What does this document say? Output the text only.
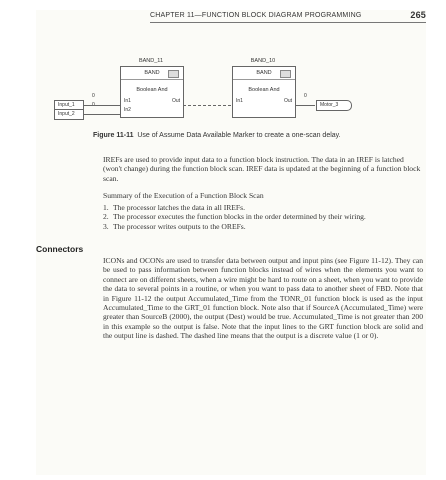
CHAPTER 11—FUNCTION BLOCK DIAGRAM PROGRAMMING	265
BAND_11
BAND
Boolean And
In1
In2
Out
Input_1
Input_2
0
0
BAND_10
BAND
Boolean And
In1	Out
0
Motor_3
Figure 11-11 Use of Assume Data Available Marker to create a one-scan delay.
IREFs are used to provide input data to a function block instruction. The data in an IREF is latched (won't change) during the function block scan. IREF data is updated at the beginning of a function block scan.
Summary of the Execution of a Function Block Scan
1. The processor latches the data in all IREFs.
2. The processor executes the function blocks in the order determined by their wiring.
3. The processor writes outputs to the OREFs.
Connectors
ICONs and OCONs are used to transfer data between output and input pins (see Figure 11-12). They can be used to pass information between function blocks instead of wires when the elements you want to connect are on different sheets, when a wire might be hard to route on a sheet, when you want to provide the data to several points in a routine, or when you want to pass data to another sheet of FBD. Note that in Figure 11-12 the output Accumulated_Time from the TONR_01 function block is used as the input Accumulated_Time to the GRT_01 function block. Note also that if SourceA (Accumulated_Time) were greater than SourceB (2000), the output (Dest) would be true. Accumulated_Time is not greater than 200 in this example so the output is false. Note that the input lines to the GRT function block are solid and the output line is dashed. The dashed line means that the output is a discrete value (1 or 0).
